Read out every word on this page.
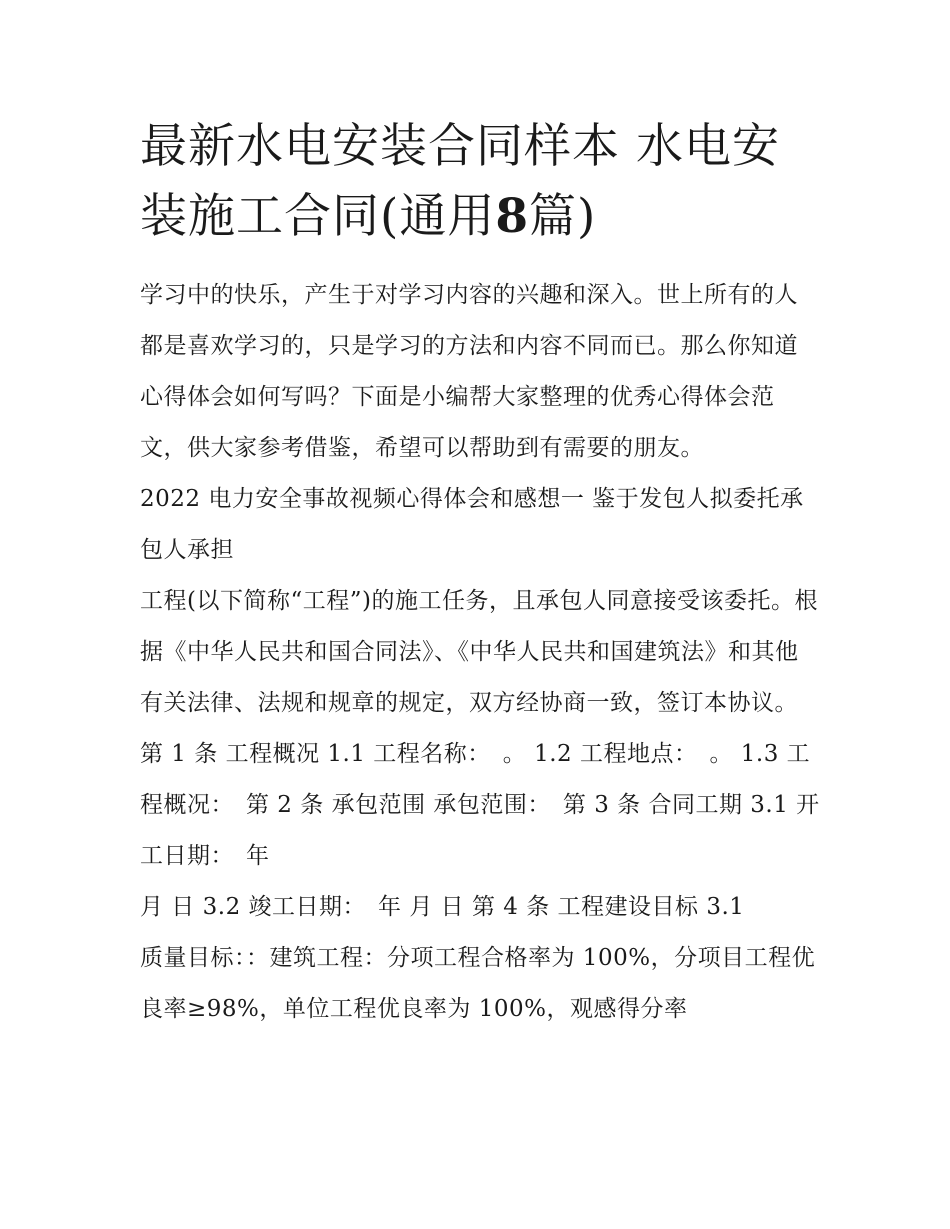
最新水电安装合同样本 水电安装施工合同(通用8篇)

学习中的快乐，产生于对学习内容的兴趣和深入。世上所有的人都是喜欢学习的，只是学习的方法和内容不同而已。那么你知道心得体会如何写吗？下面是小编帮大家整理的优秀心得体会范文，供大家参考借鉴，希望可以帮助到有需要的朋友。

2022 电力安全事故视频心得体会和感想一 鉴于发包人拟委托承包人承担

工程(以下简称“工程”)的施工任务，且承包人同意接受该委托。根据《中华人民共和国合同法》、《中华人民共和国建筑法》和其他有关法律、法规和规章的规定，双方经协商一致，签订本协议。

第 1 条 工程概况 1.1 工程名称：　。 1.2 工程地点：　。 1.3 工程概况：　第 2 条 承包范围 承包范围：　第 3 条 合同工期 3.1 开工日期：　年

月 日 3.2 竣工日期：　年 月 日 第 4 条 工程建设目标 3.1

质量目标：：建筑工程：分项工程合格率为 100%，分项目工程优良率≥98%，单位工程优良率为 100%，观感得分率
